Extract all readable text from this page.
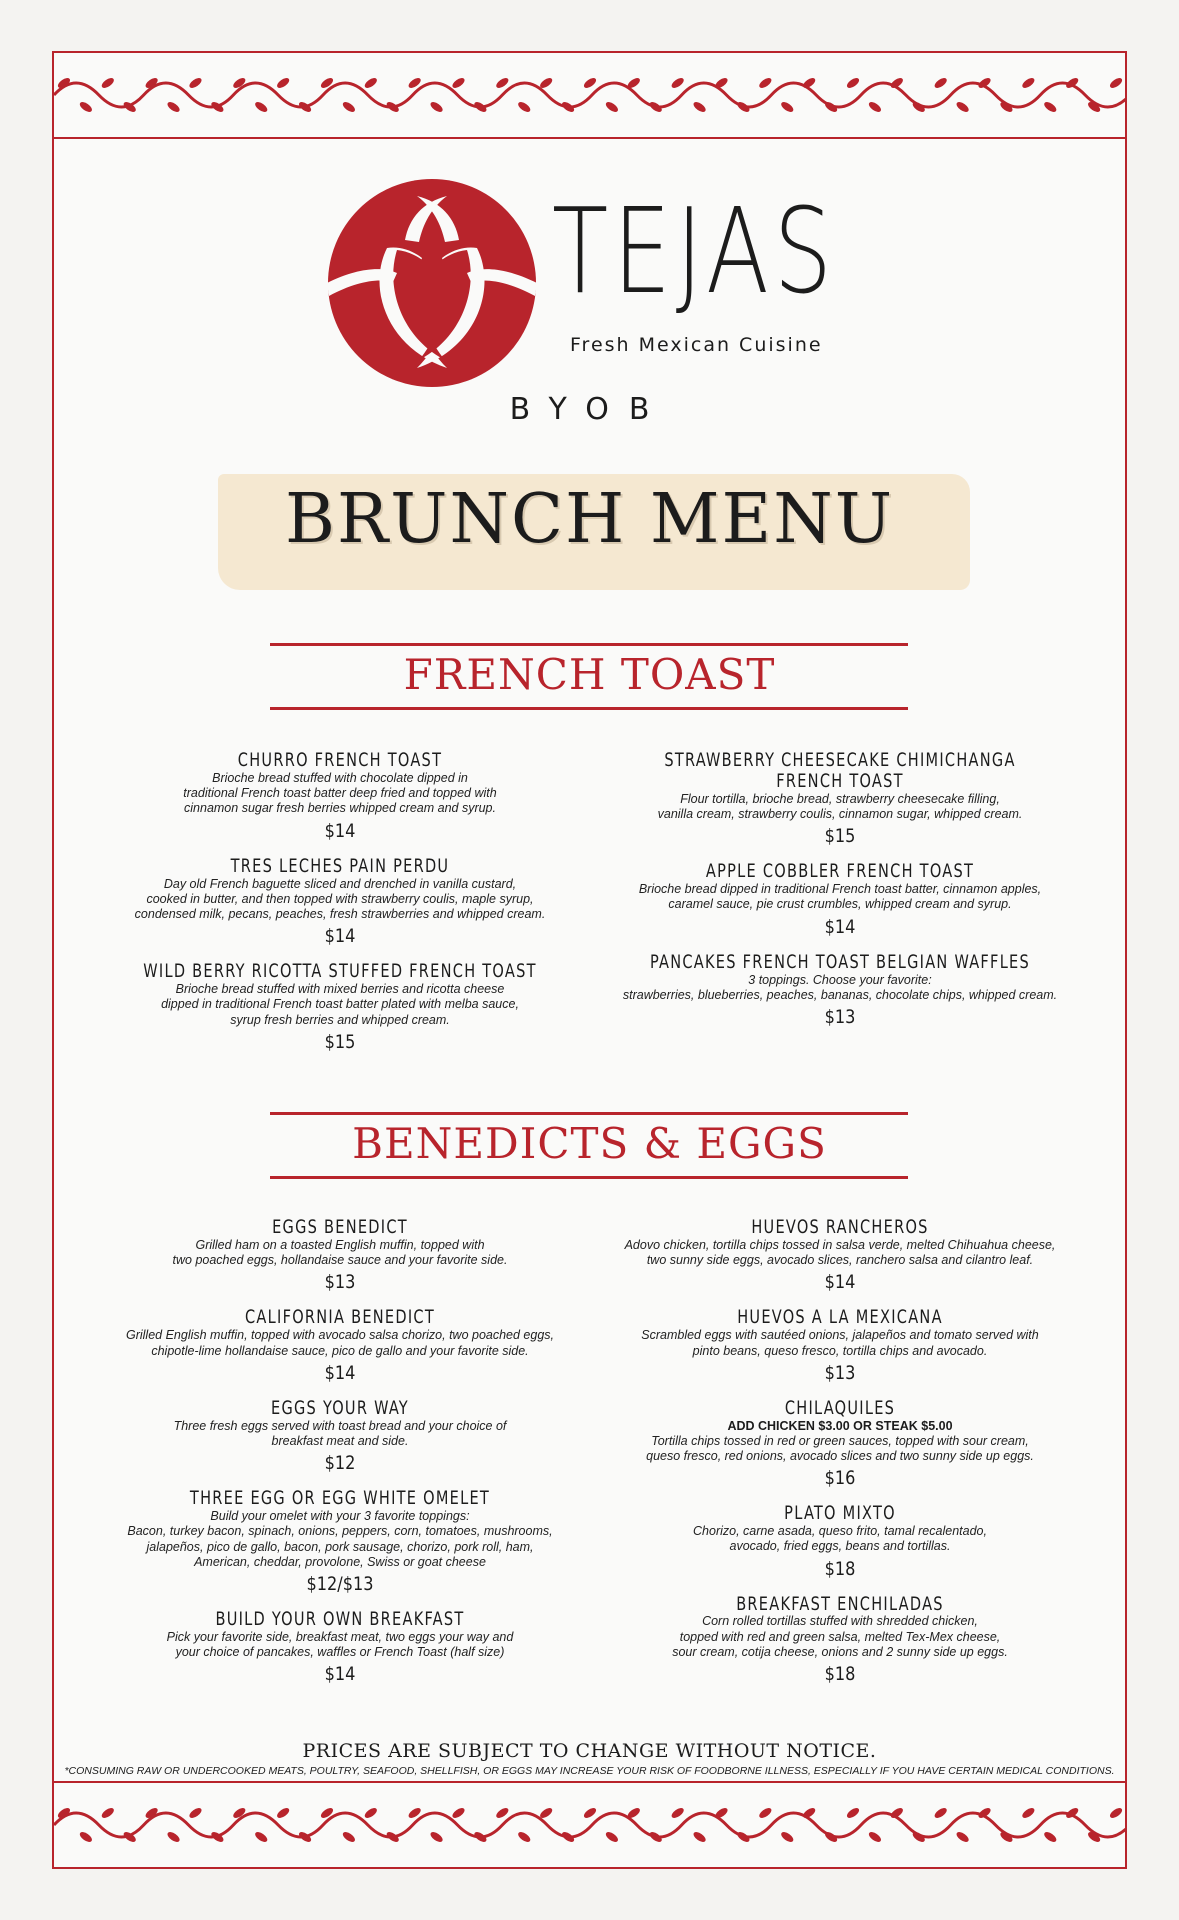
TEJAS
Fresh Mexican Cuisine
BYOB
BRUNCH MENU
FRENCH TOAST
CHURRO FRENCH TOAST
Brioche bread stuffed with chocolate dipped in
traditional French toast batter deep fried and topped with
cinnamon sugar fresh berries whipped cream and syrup.
$14
TRES LECHES PAIN PERDU
Day old French baguette sliced and drenched in vanilla custard,
cooked in butter, and then topped with strawberry coulis, maple syrup,
condensed milk, pecans, peaches, fresh strawberries and whipped cream.
$14
WILD BERRY RICOTTA STUFFED FRENCH TOAST
Brioche bread stuffed with mixed berries and ricotta cheese
dipped in traditional French toast batter plated with melba sauce,
syrup fresh berries and whipped cream.
$15
STRAWBERRY CHEESECAKE CHIMICHANGA
FRENCH TOAST
Flour tortilla, brioche bread, strawberry cheesecake filling,
vanilla cream, strawberry coulis, cinnamon sugar, whipped cream.
$15
APPLE COBBLER FRENCH TOAST
Brioche bread dipped in traditional French toast batter, cinnamon apples,
caramel sauce, pie crust crumbles, whipped cream and syrup.
$14
PANCAKES FRENCH TOAST BELGIAN WAFFLES
3 toppings. Choose your favorite:
strawberries, blueberries, peaches, bananas, chocolate chips, whipped cream.
$13
BENEDICTS & EGGS
EGGS BENEDICT
Grilled ham on a toasted English muffin, topped with
two poached eggs, hollandaise sauce and your favorite side.
$13
CALIFORNIA BENEDICT
Grilled English muffin, topped with avocado salsa chorizo, two poached eggs,
chipotle-lime hollandaise sauce, pico de gallo and your favorite side.
$14
EGGS YOUR WAY
Three fresh eggs served with toast bread and your choice of
breakfast meat and side.
$12
THREE EGG OR EGG WHITE OMELET
Build your omelet with your 3 favorite toppings:
Bacon, turkey bacon, spinach, onions, peppers, corn, tomatoes, mushrooms,
jalapeños, pico de gallo, bacon, pork sausage, chorizo, pork roll, ham,
American, cheddar, provolone, Swiss or goat cheese
$12/$13
BUILD YOUR OWN BREAKFAST
Pick your favorite side, breakfast meat, two eggs your way and
your choice of pancakes, waffles or French Toast (half size)
$14
HUEVOS RANCHEROS
Adovo chicken, tortilla chips tossed in salsa verde, melted Chihuahua cheese,
two sunny side eggs, avocado slices, ranchero salsa and cilantro leaf.
$14
HUEVOS A LA MEXICANA
Scrambled eggs with sautéed onions, jalapeños and tomato served with
pinto beans, queso fresco, tortilla chips and avocado.
$13
CHILAQUILES
ADD CHICKEN $3.00 OR STEAK $5.00
Tortilla chips tossed in red or green sauces, topped with sour cream,
queso fresco, red onions, avocado slices and two sunny side up eggs.
$16
PLATO MIXTO
Chorizo, carne asada, queso frito, tamal recalentado,
avocado, fried eggs, beans and tortillas.
$18
BREAKFAST ENCHILADAS
Corn rolled tortillas stuffed with shredded chicken,
topped with red and green salsa, melted Tex-Mex cheese,
sour cream, cotija cheese, onions and 2 sunny side up eggs.
$18
PRICES ARE SUBJECT TO CHANGE WITHOUT NOTICE.
*CONSUMING RAW OR UNDERCOOKED MEATS, POULTRY, SEAFOOD, SHELLFISH, OR EGGS MAY INCREASE YOUR RISK OF FOODBORNE ILLNESS, ESPECIALLY IF YOU HAVE CERTAIN MEDICAL CONDITIONS.
